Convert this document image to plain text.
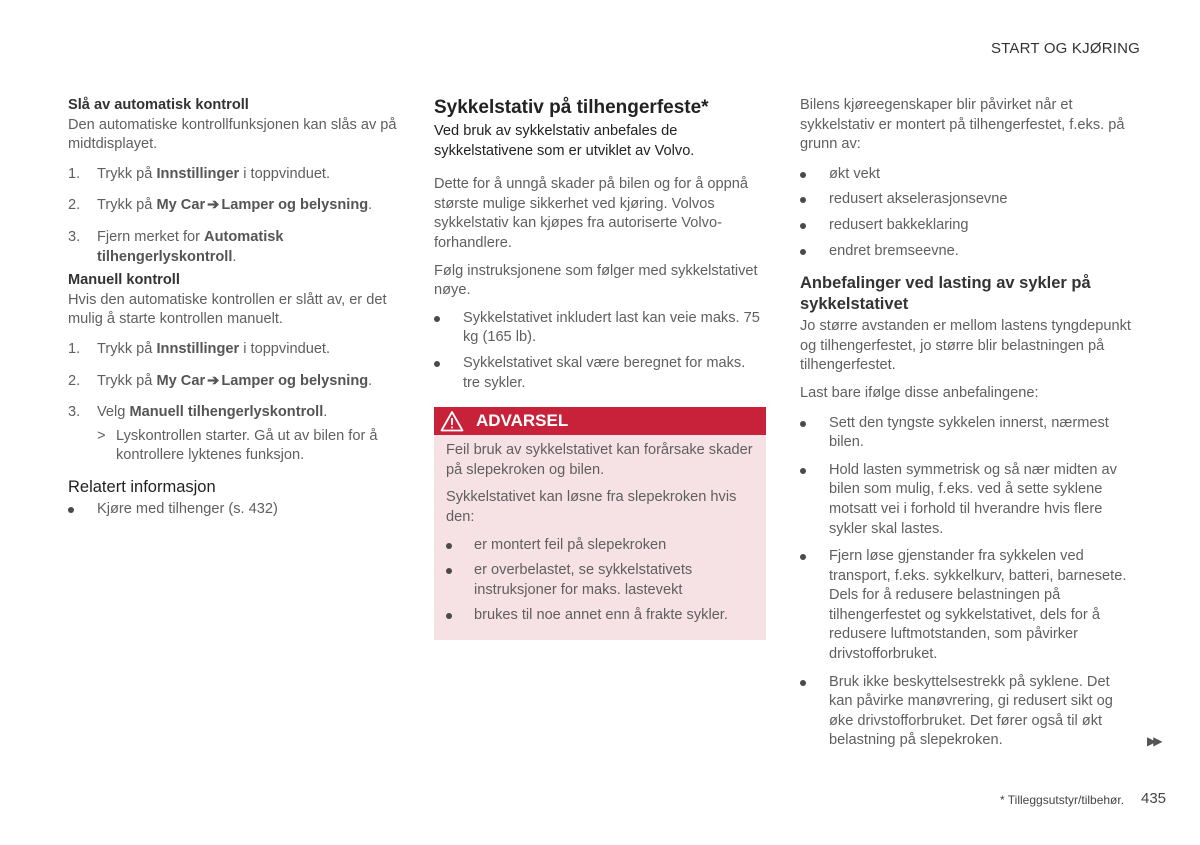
START OG KJØRING

Slå av automatisk kontroll

Den automatiske kontrollfunksjonen kan slås av på midtdisplayet.

1. Trykk på Innstillinger i toppvinduet.
2. Trykk på My Car ➔ Lamper og belysning.
3. Fjern merket for Automatisk tilhengerlyskontroll.

Manuell kontroll

Hvis den automatiske kontrollen er slått av, er det mulig å starte kontrollen manuelt.

1. Trykk på Innstillinger i toppvinduet.
2. Trykk på My Car ➔ Lamper og belysning.
3. Velg Manuell tilhengerlyskontroll.
> Lyskontrollen starter. Gå ut av bilen for å kontrollere lyktenes funksjon.

Relatert informasjon

Kjøre med tilhenger (s. 432)

Sykkelstativ på tilhengerfeste*

Ved bruk av sykkelstativ anbefales de sykkelstativene som er utviklet av Volvo.

Dette for å unngå skader på bilen og for å oppnå største mulige sikkerhet ved kjøring. Volvos sykkelstativ kan kjøpes fra autoriserte Volvo-forhandlere.

Følg instruksjonene som følger med sykkelstativet nøye.

Sykkelstativet inkludert last kan veie maks. 75 kg (165 lb).
Sykkelstativet skal være beregnet for maks. tre sykler.
ADVARSEL

Feil bruk av sykkelstativet kan forårsake skader på slepekroken og bilen.

Sykkelstativet kan løsne fra slepekroken hvis den:

er montert feil på slepekroken
er overbelastet, se sykkelstativets instruksjoner for maks. lastevekt
brukes til noe annet enn å frakte sykler.

Bilens kjøreegenskaper blir påvirket når et sykkelstativ er montert på tilhengerfestet, f.eks. på grunn av:

økt vekt
redusert akselerasjonsevne
redusert bakkeklaring
endret bremseevne.

Anbefalinger ved lasting av sykler på sykkelstativet

Jo større avstanden er mellom lastens tyngdepunkt og tilhengerfestet, jo større blir belastningen på tilhengerfestet.

Last bare ifølge disse anbefalingene:

Sett den tyngste sykkelen innerst, nærmest bilen.
Hold lasten symmetrisk og så nær midten av bilen som mulig, f.eks. ved å sette syklene motsatt vei i forhold til hverandre hvis flere sykler skal lastes.
Fjern løse gjenstander fra sykkelen ved transport, f.eks. sykkelkurv, batteri, barnesete. Dels for å redusere belastningen på tilhengerfestet og sykkelstativet, dels for å redusere luftmotstanden, som påvirker drivstofforbruket.
Bruk ikke beskyttelsestrekk på syklene. Det kan påvirke manøvrering, gi redusert sikt og øke drivstofforbruket. Det fører også til økt belastning på slepekroken.	▶▶
* Tilleggsutstyr/tilbehør. 435
